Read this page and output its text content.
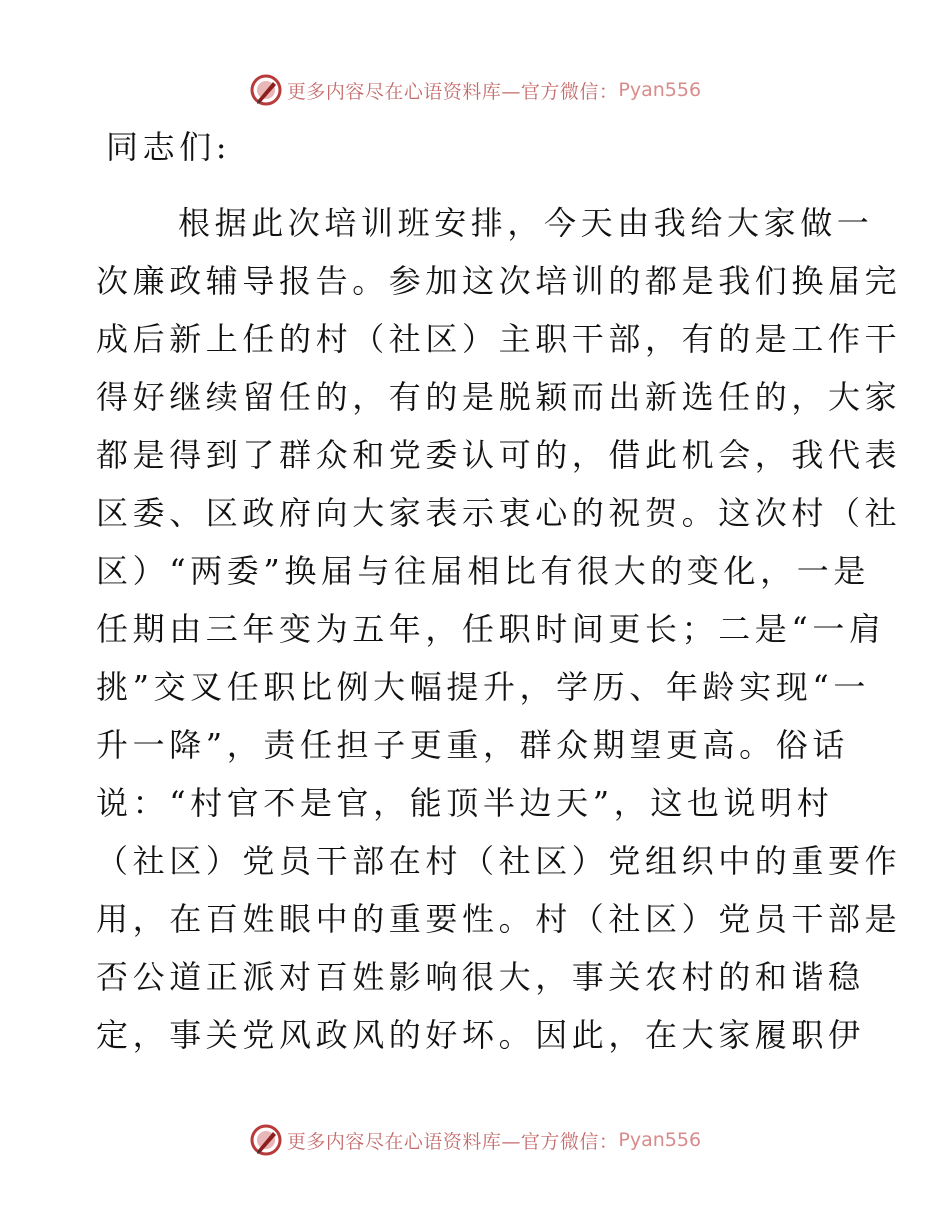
更多内容尽在心语资料库—官方微信： Pyan556
同志们:
根据此次培训班安排，今天由我给大家做一
次廉政辅导报告。参加这次培训的都是我们换届完
成后新上任的村（社区）主职干部，有的是工作干
得好继续留任的，有的是脱颖而出新选任的，大家
都是得到了群众和党委认可的，借此机会，我代表
区委、区政府向大家表示衷心的祝贺。这次村（社
区）“两委”换届与往届相比有很大的变化，一是
任期由三年变为五年，任职时间更长；二是“一肩
挑”交叉任职比例大幅提升，学历、年龄实现“一
升一降”，责任担子更重，群众期望更高。俗话
说：“村官不是官，能顶半边天”，这也说明村
（社区）党员干部在村（社区）党组织中的重要作
用，在百姓眼中的重要性。村（社区）党员干部是
否公道正派对百姓影响很大，事关农村的和谐稳
定，事关党风政风的好坏。因此，在大家履职伊
更多内容尽在心语资料库—官方微信： Pyan556
